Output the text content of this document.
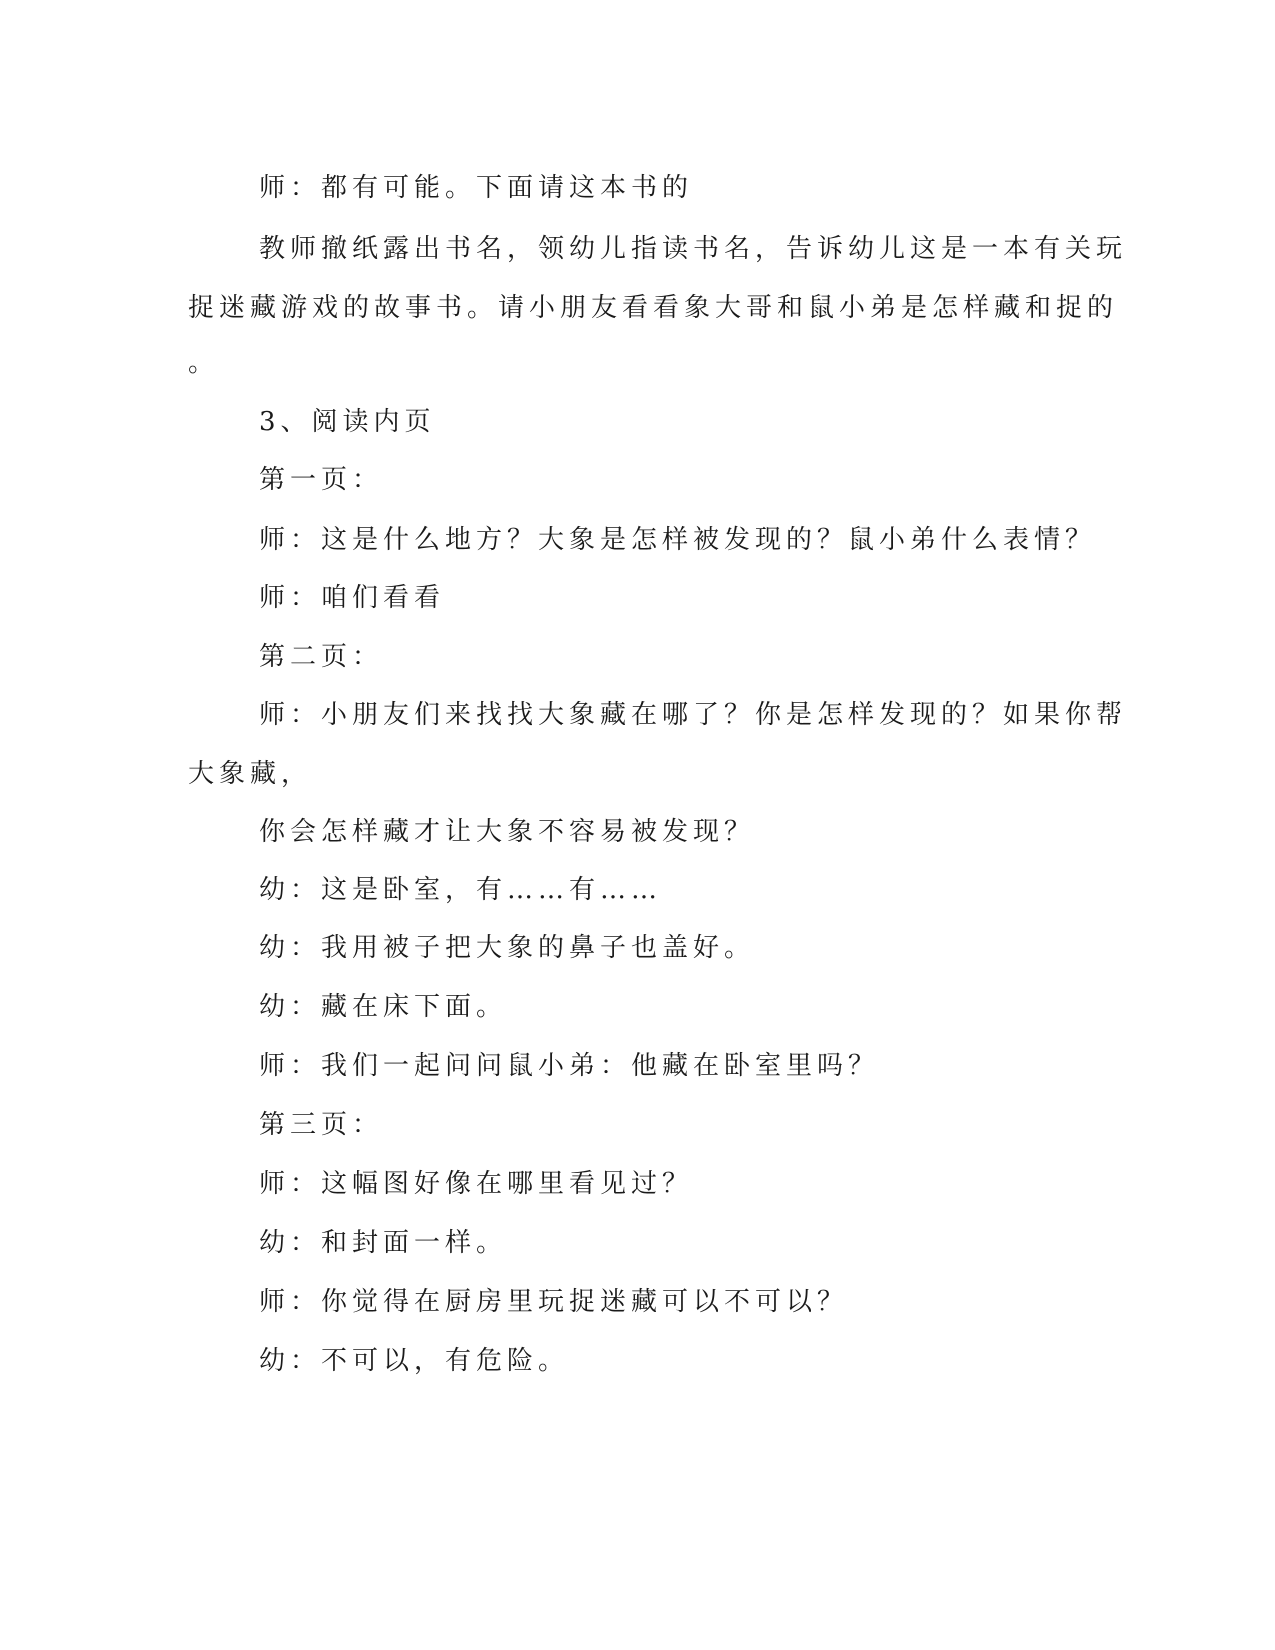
师：都有可能。下面请这本书的
教师撤纸露出书名，领幼儿指读书名，告诉幼儿这是一本有关玩
捉迷藏游戏的故事书。请小朋友看看象大哥和鼠小弟是怎样藏和捉的
。
3、阅读内页
第一页：
师：这是什么地方？大象是怎样被发现的？鼠小弟什么表情？
师：咱们看看
第二页：
师：小朋友们来找找大象藏在哪了？你是怎样发现的？如果你帮
大象藏，
你会怎样藏才让大象不容易被发现？
幼：这是卧室，有……有……
幼：我用被子把大象的鼻子也盖好。
幼：藏在床下面。
师：我们一起问问鼠小弟：他藏在卧室里吗？
第三页：
师：这幅图好像在哪里看见过？
幼：和封面一样。
师：你觉得在厨房里玩捉迷藏可以不可以？
幼：不可以，有危险。
